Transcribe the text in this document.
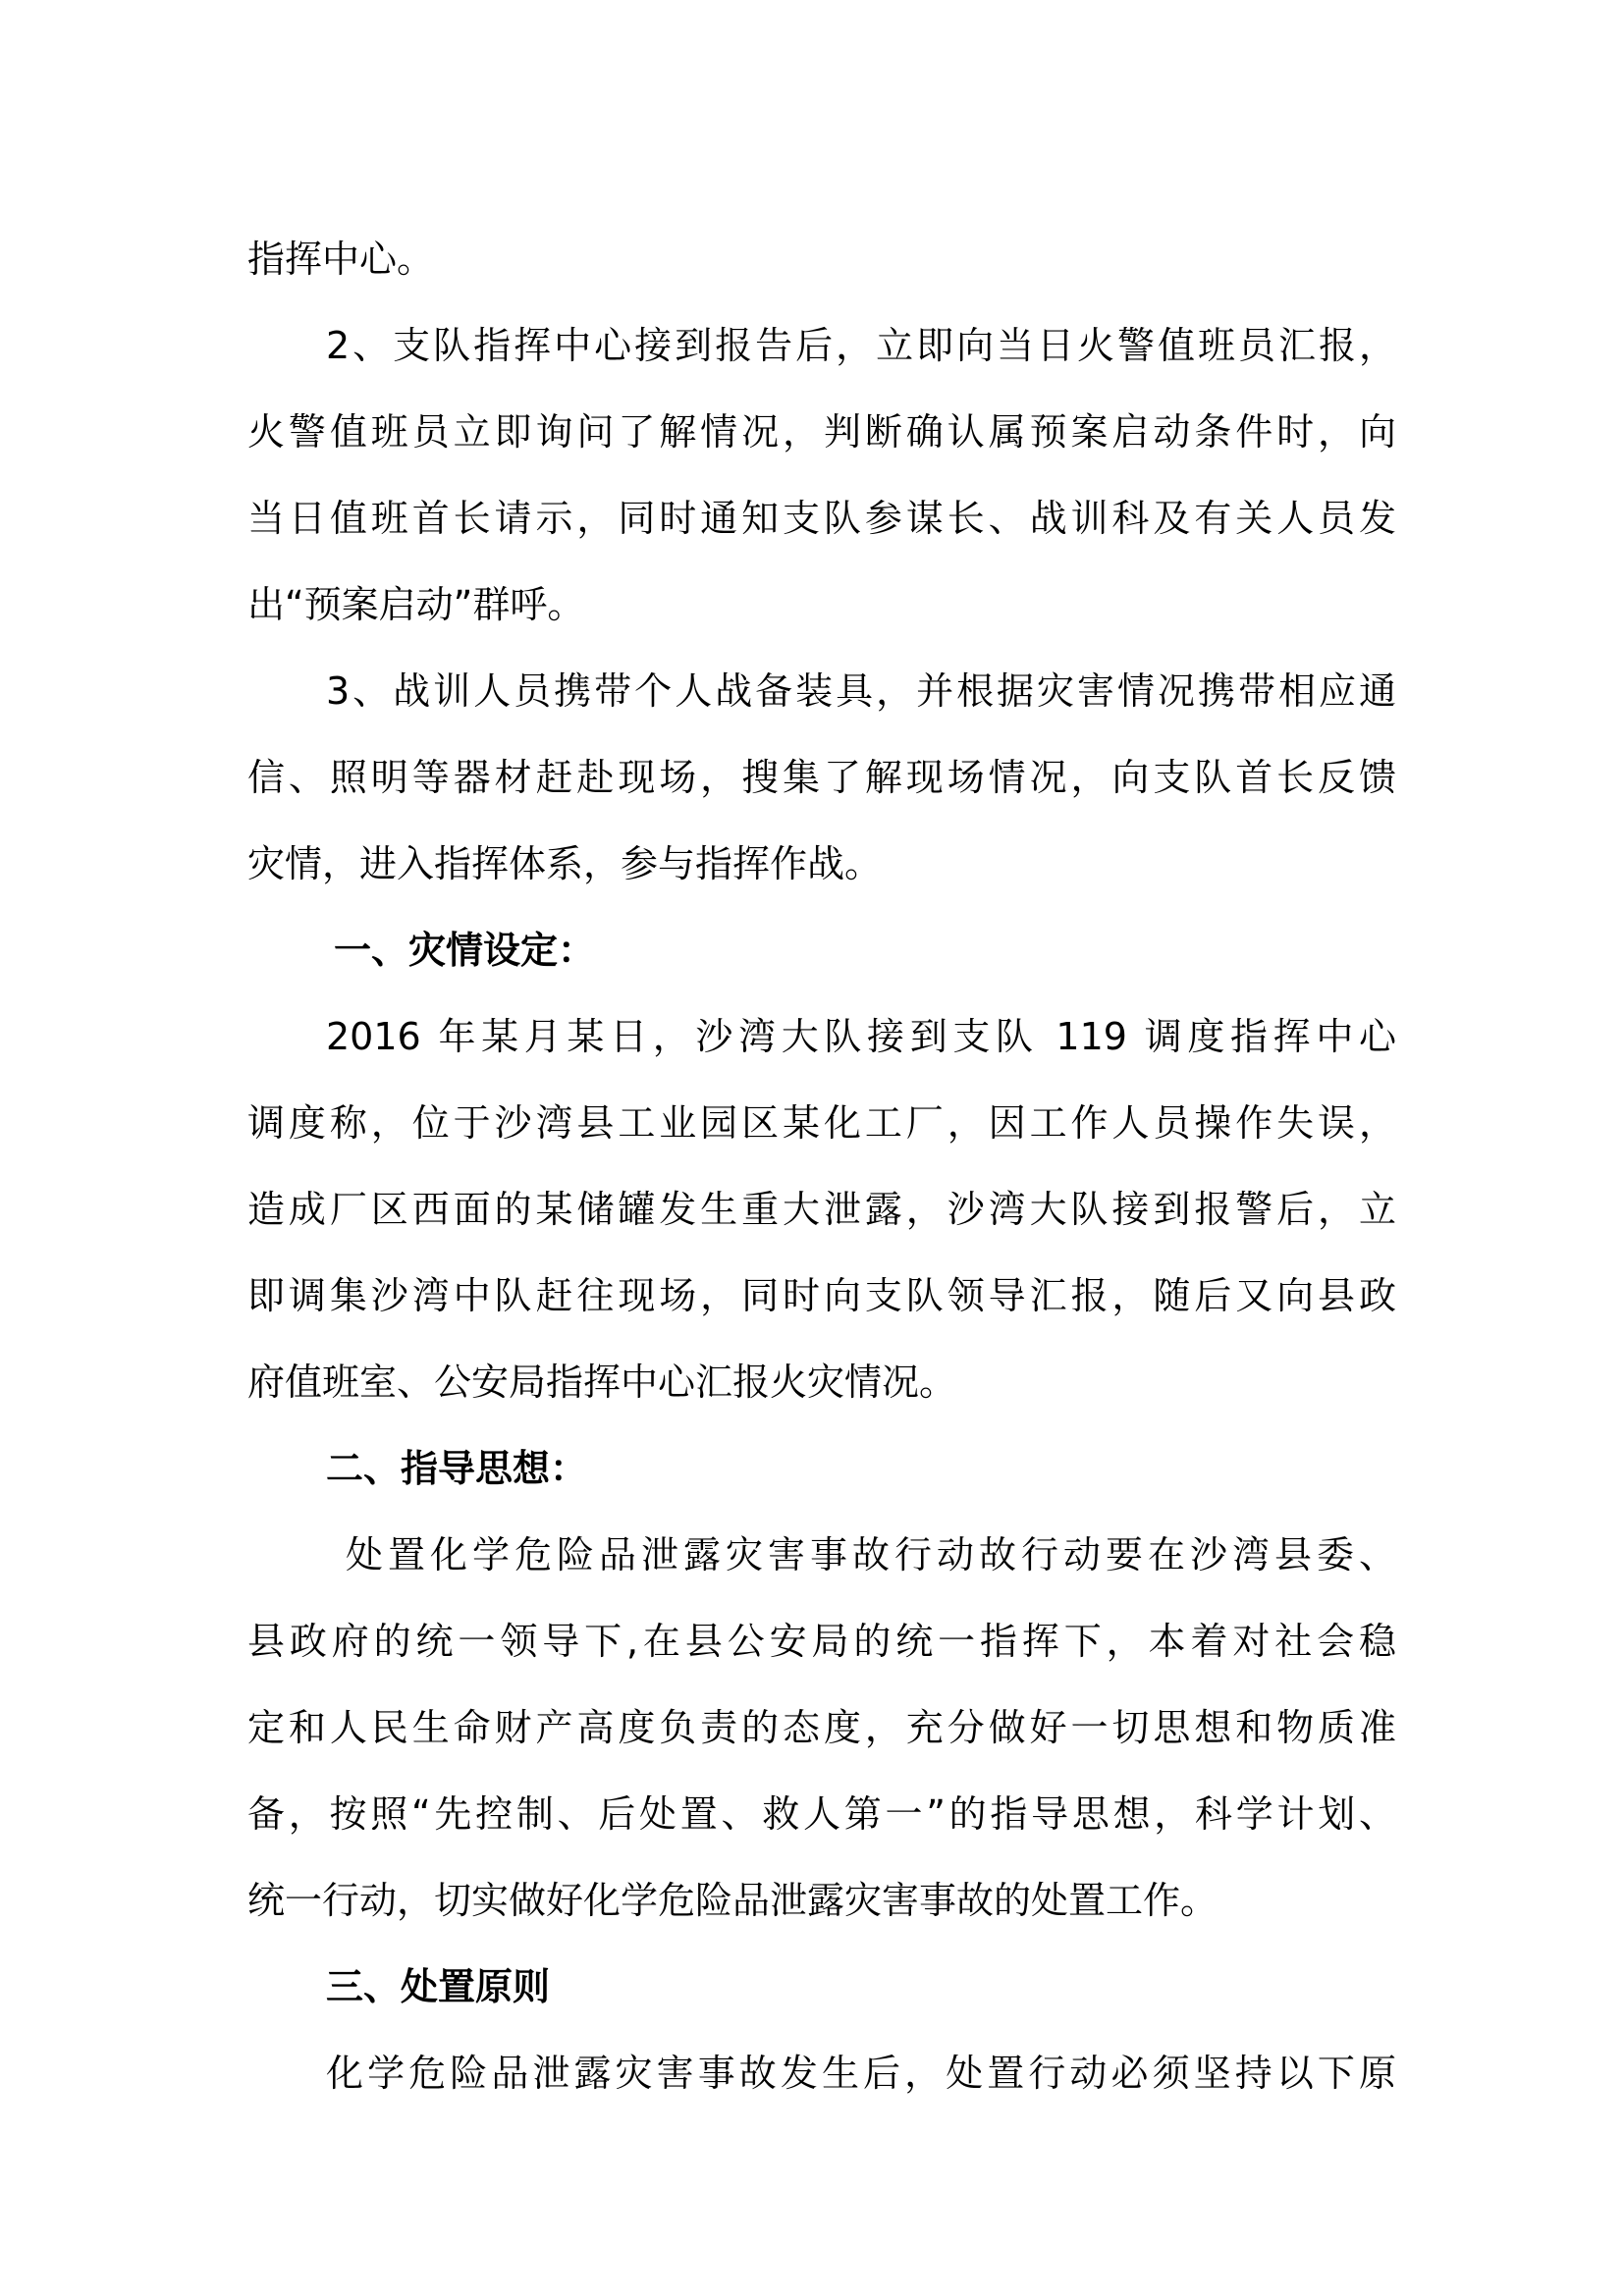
指挥中心。
2、支队指挥中心接到报告后，立即向当日火警值班员汇报，
火警值班员立即询问了解情况，判断确认属预案启动条件时，向
当日值班首长请示，同时通知支队参谋长、战训科及有关人员发
出“预案启动”群呼。
3、战训人员携带个人战备装具，并根据灾害情况携带相应通
信、照明等器材赶赴现场，搜集了解现场情况，向支队首长反馈
灾情，进入指挥体系，参与指挥作战。
一、灾情设定：
2016 年某月某日，沙湾大队接到支队 119 调度指挥中心
调度称，位于沙湾县工业园区某化工厂，因工作人员操作失误，
造成厂区西面的某储罐发生重大泄露，沙湾大队接到报警后，立
即调集沙湾中队赶往现场，同时向支队领导汇报，随后又向县政
府值班室、公安局指挥中心汇报火灾情况。
二、指导思想：
处置化学危险品泄露灾害事故行动故行动要在沙湾县委、
县政府的统一领导下,在县公安局的统一指挥下，本着对社会稳
定和人民生命财产高度负责的态度，充分做好一切思想和物质准
备，按照“先控制、后处置、救人第一”的指导思想，科学计划、
统一行动，切实做好化学危险品泄露灾害事故的处置工作。
三、处置原则
化学危险品泄露灾害事故发生后，处置行动必须坚持以下原
